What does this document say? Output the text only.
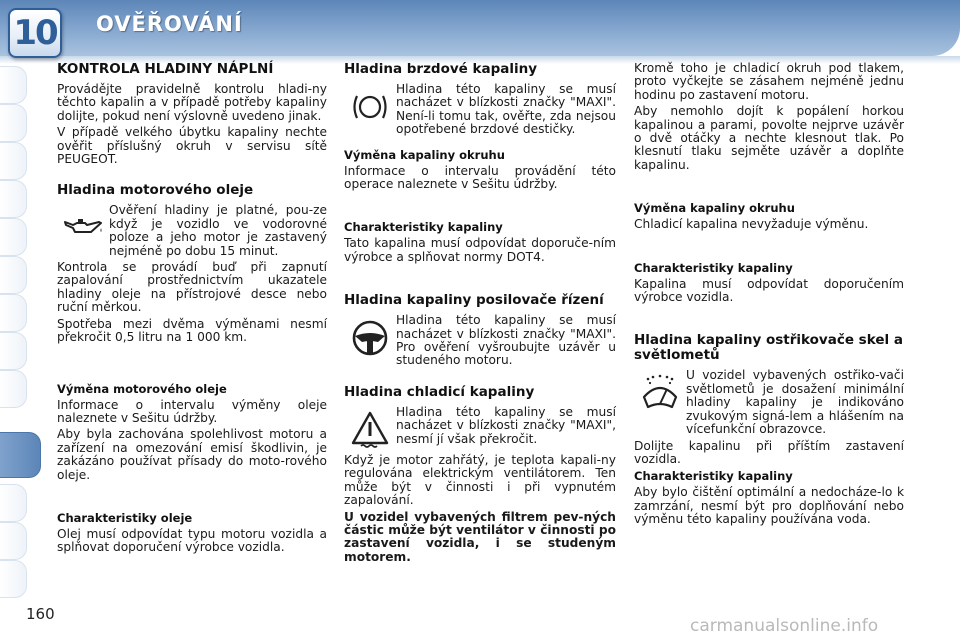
10 OVĚŘOVÁNÍ
KONTROLA HLADINY NÁPLNÍ

Provádějte pravidelně kontrolu hladi-ny těchto kapalin a v případě potřeby kapaliny dolijte, pokud není výslovně uvedeno jinak.

V případě velkého úbytku kapaliny nechte ověřit příslušný okruh v servisu sítě PEUGEOT.

Hladina motorového oleje

Ověření hladiny je platné, pou-ze když je vozidlo ve vodorovné poloze a jeho motor je zastavený nejméně po dobu 15 minut.

Kontrola se provádí buď při zapnutí zapalování prostřednictvím ukazatele hladiny oleje na přístrojové desce nebo ruční měrkou.

Spotřeba mezi dvěma výměnami nesmí překročit 0,5 litru na 1 000 km.

Výměna motorového oleje

Informace o intervalu výměny oleje naleznete v Sešitu údržby.

Aby byla zachována spolehlivost motoru a zařízení na omezování emisí škodlivin, je zakázáno používat přísady do moto-rového oleje.

Charakteristiky oleje

Olej musí odpovídat typu motoru vozidla a splňovat doporučení výrobce vozidla.

Hladina brzdové kapaliny

Hladina této kapaliny se musí nacházet v blízkosti značky "MAXI". Není-li tomu tak, ověřte, zda nejsou opotřebené brzdové destičky.

Výměna kapaliny okruhu

Informace o intervalu provádění této operace naleznete v Sešitu údržby.

Charakteristiky kapaliny

Tato kapalina musí odpovídat doporuče-ním výrobce a splňovat normy DOT4.

Hladina kapaliny posilovače řízení

Hladina této kapaliny se musí nacházet v blízkosti značky "MAXI". Pro ověření vyšroubujte uzávěr u studeného motoru.

Hladina chladicí kapaliny

Hladina této kapaliny se musí nacházet v blízkosti značky "MAXI", nesmí jí však překročit.

Když je motor zahřátý, je teplota kapali-ny regulována elektrickým ventilátorem. Ten může být v činnosti i při vypnutém zapalování.

U vozidel vybavených filtrem pev-ných částic může být ventilátor v činnosti po zastavení vozidla, i se studeným motorem.

Kromě toho je chladicí okruh pod tlakem, proto vyčkejte se zásahem nejméně jednu hodinu po zastavení motoru.

Aby nemohlo dojít k popálení horkou kapalinou a parami, povolte nejprve uzávěr o dvě otáčky a nechte klesnout tlak. Po klesnutí tlaku sejměte uzávěr a doplňte kapalinu.

Výměna kapaliny okruhu

Chladicí kapalina nevyžaduje výměnu.

Charakteristiky kapaliny

Kapalina musí odpovídat doporučením výrobce vozidla.

Hladina kapaliny ostřikovače skel a světlometů

U vozidel vybavených ostřiko-vači světlometů je dosažení minimální hladiny kapaliny je indikováno zvukovým signá-lem a hlášením na vícefunkční obrazovce.

Dolijte kapalinu při příštím zastavení vozidla.

Charakteristiky kapaliny

Aby bylo čištění optimální a nedocháze-lo k zamrzání, nesmí být pro doplňování nebo výměnu této kapaliny používána voda.

160
carmanualsonline.info
